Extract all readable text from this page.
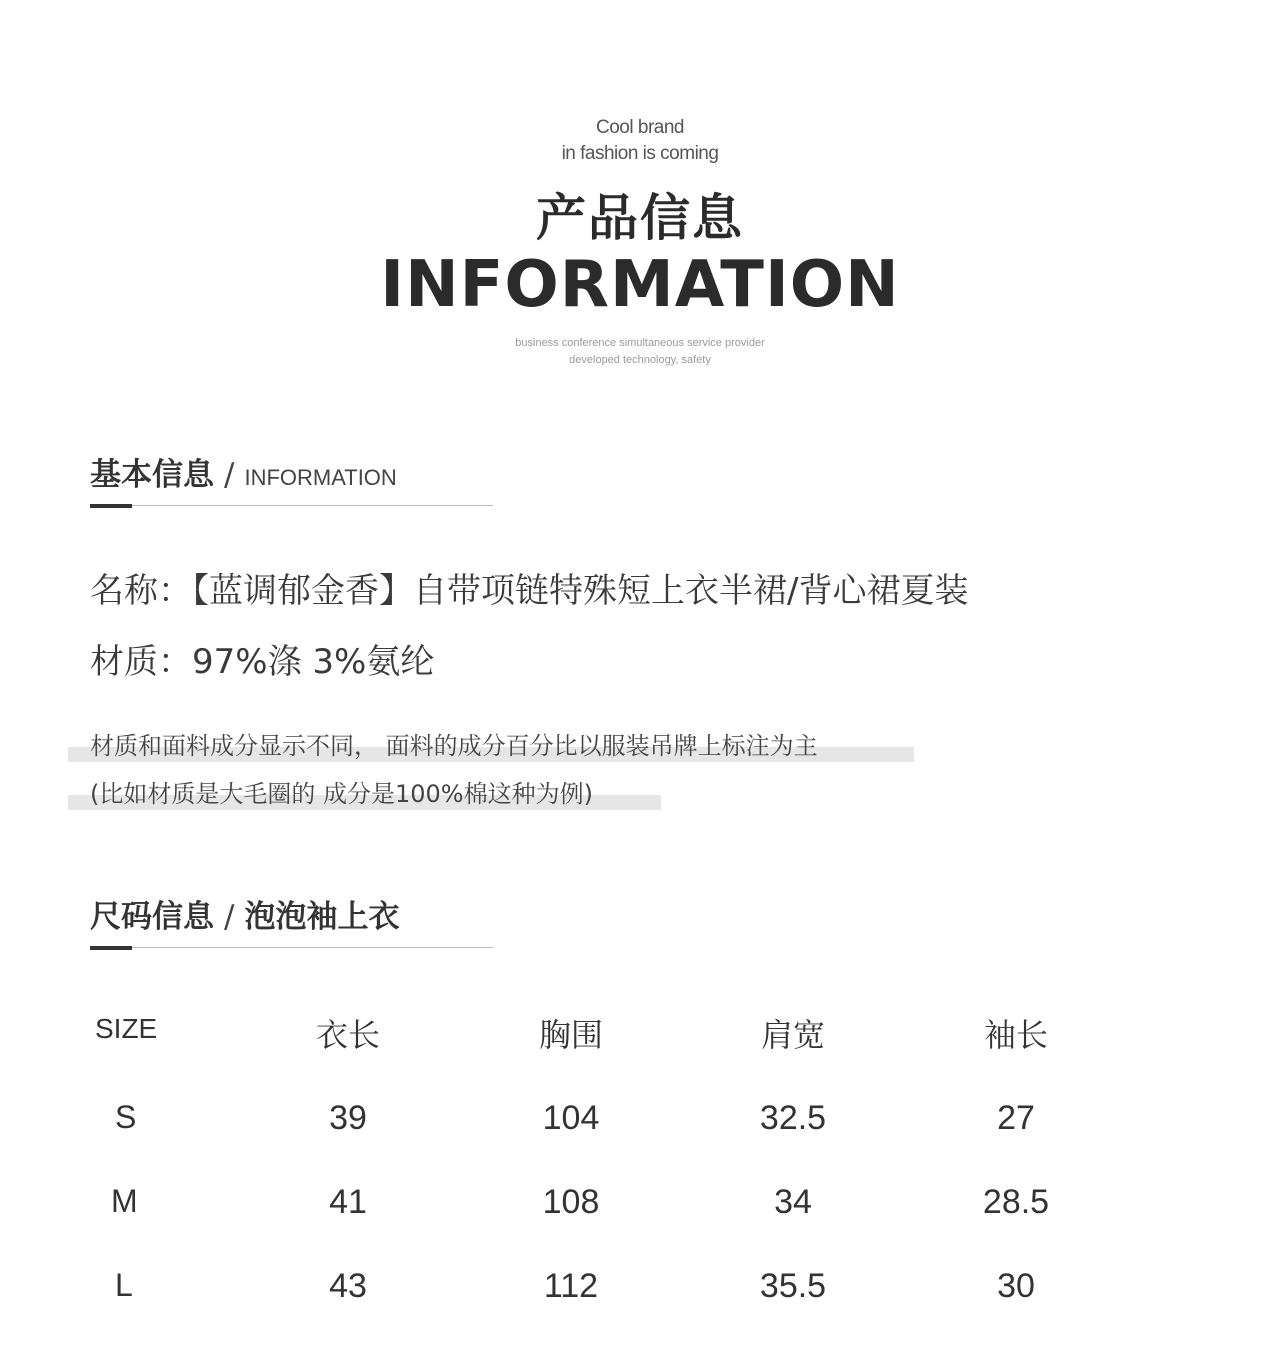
Cool brand
in fashion is coming
产品信息
INFORMATION
business conference simultaneous service provider
developed technology, safety
基本信息 / INFORMATION
名称：【蓝调郁金香】自带项链特殊短上衣半裙/背心裙夏装
材质：97%涤 3%氨纶
材质和面料成分显示不同， 面料的成分百分比以服装吊牌上标注为主
(比如材质是大毛圈的 成分是100%棉这种为例)
尺码信息 / 泡泡袖上衣
SIZE	衣长	胸围	肩宽	袖长
S	39	104	32.5	27
M	41	108	34	28.5
L	43	112	35.5	30
